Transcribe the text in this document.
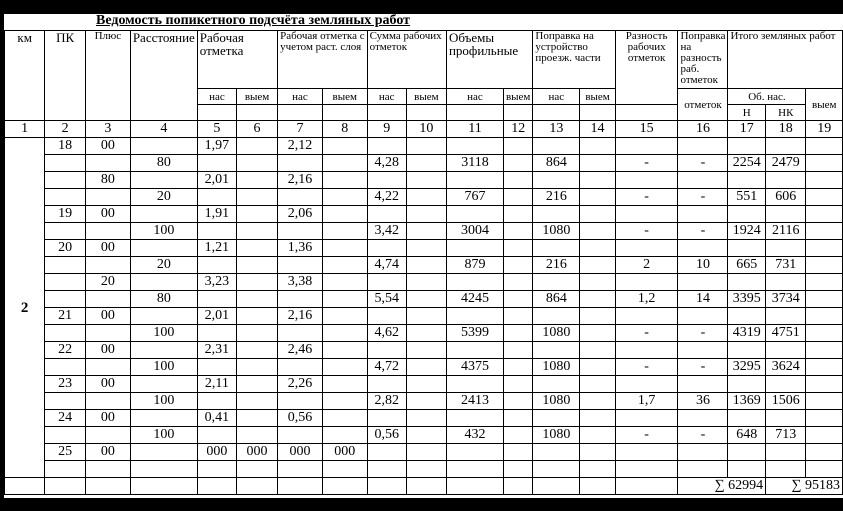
Ведомость попикетного подсчёта земляных работ
км	ПК	Плюс	Расстояние	Рабочая отметка		Рабочая отметка с учетом раст. слоя		Сумма рабочих отметок		Объемы профильные		Поправка на устройство проезж. части		Разность рабочих отметок	Поправка на разность раб. отметок	Итого земляных работ		
				нас	выем	нас	выем	нас	выем	нас	выем	нас	выем		отметок	Об. нас.		выем
																Н	НК	
1	2	3	4	5	6	7	8	9	10	11	12	13	14	15	16	17	18	19
2	18	00		1,97		2,12												
			80					4,28		3118		864		-	-	2254	2479	
		80		2,01		2,16												
			20					4,22		767		216		-	-	551	606	
	19	00		1,91		2,06												
			100					3,42		3004		1080		-	-	1924	2116	
	20	00		1,21		1,36												
			20					4,74		879		216		2	10	665	731	
		20		3,23		3,38												
			80					5,54		4245		864		1,2	14	3395	3734	
	21	00		2,01		2,16												
			100					4,62		5399		1080		-	-	4319	4751	
	22	00		2,31		2,46												
			100					4,72		4375		1080		-	-	3295	3624	
	23	00		2,11		2,26												
			100					2,82		2413		1080		1,7	36	1369	1506	
	24	00		0,41		0,56												
			100					0,56		432		1080		-	-	648	713	
	25	00		000	000	000	000											

															∑ 62994		∑ 95183	
